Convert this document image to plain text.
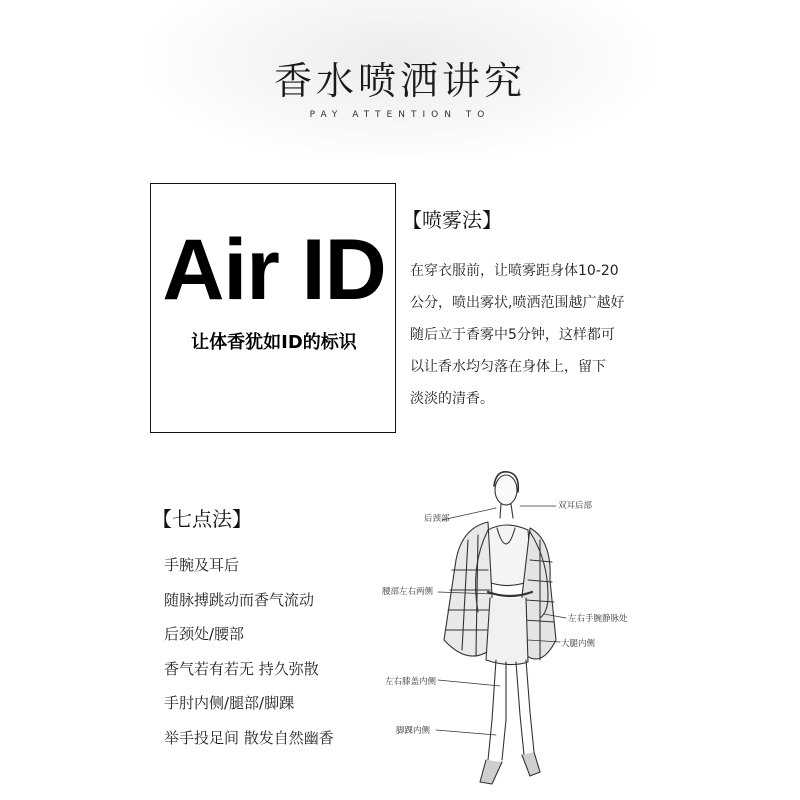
香水喷洒讲究
PAY ATTENTION TO
Air ID
让体香犹如ID的标识
【喷雾法】
在穿衣服前，让喷雾距身体10-20
公分，喷出雾状,喷洒范围越广越好
随后立于香雾中5分钟，这样都可
以让香水均匀落在身体上，留下
淡淡的清香。
【七点法】
手腕及耳后
随脉搏跳动而香气流动
后颈处/腰部
香气若有若无 持久弥散
手肘内侧/腿部/脚踝
举手投足间 散发自然幽香
后颈部
双耳后部
腰部左右两侧
左右手腕静脉处
大腿内侧
左右膝盖内侧
脚踝内侧
